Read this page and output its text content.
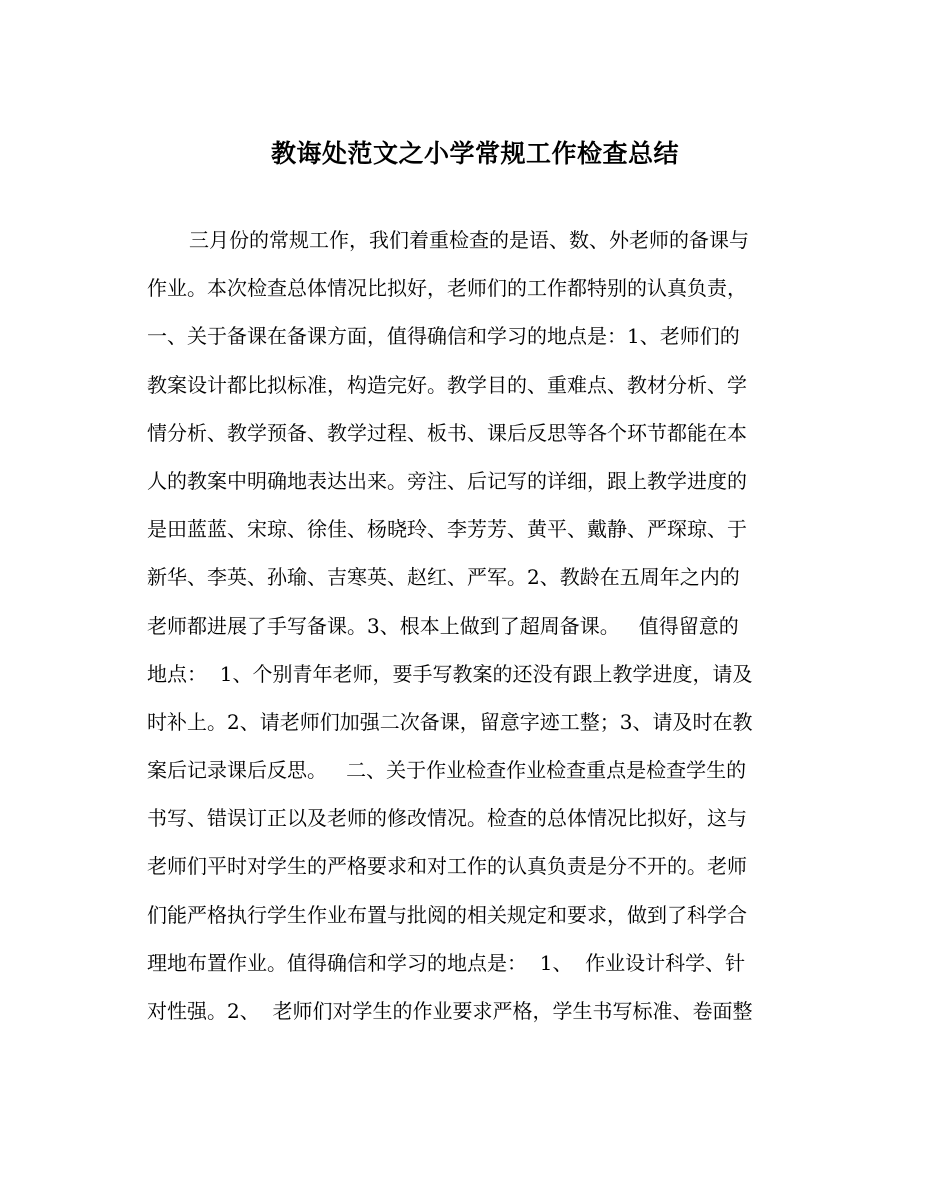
教诲处范文之小学常规工作检查总结
三月份的常规工作，我们着重检查的是语、数、外老师的备课与
作业。本次检查总体情况比拟好，老师们的工作都特别的认真负责，
一、关于备课在备课方面，值得确信和学习的地点是：1、老师们的
教案设计都比拟标准，构造完好。教学目的、重难点、教材分析、学
情分析、教学预备、教学过程、板书、课后反思等各个环节都能在本
人的教案中明确地表达出来。旁注、后记写的详细，跟上教学进度的
是田蓝蓝、宋琼、徐佳、杨晓玲、李芳芳、黄平、戴静、严琛琼、于
新华、李英、孙瑜、吉寒英、赵红、严军。2、教龄在五周年之内的
老师都进展了手写备课。3、根本上做到了超周备课。   值得留意的
地点：  1、个别青年老师，要手写教案的还没有跟上教学进度，请及
时补上。2、请老师们加强二次备课，留意字迹工整；3、请及时在教
案后记录课后反思。   二、关于作业检查作业检查重点是检查学生的
书写、错误订正以及老师的修改情况。检查的总体情况比拟好，这与
老师们平时对学生的严格要求和对工作的认真负责是分不开的。老师
们能严格执行学生作业布置与批阅的相关规定和要求，做到了科学合
理地布置作业。值得确信和学习的地点是：  1、  作业设计科学、针
对性强。2、  老师们对学生的作业要求严格，学生书写标准、卷面整
